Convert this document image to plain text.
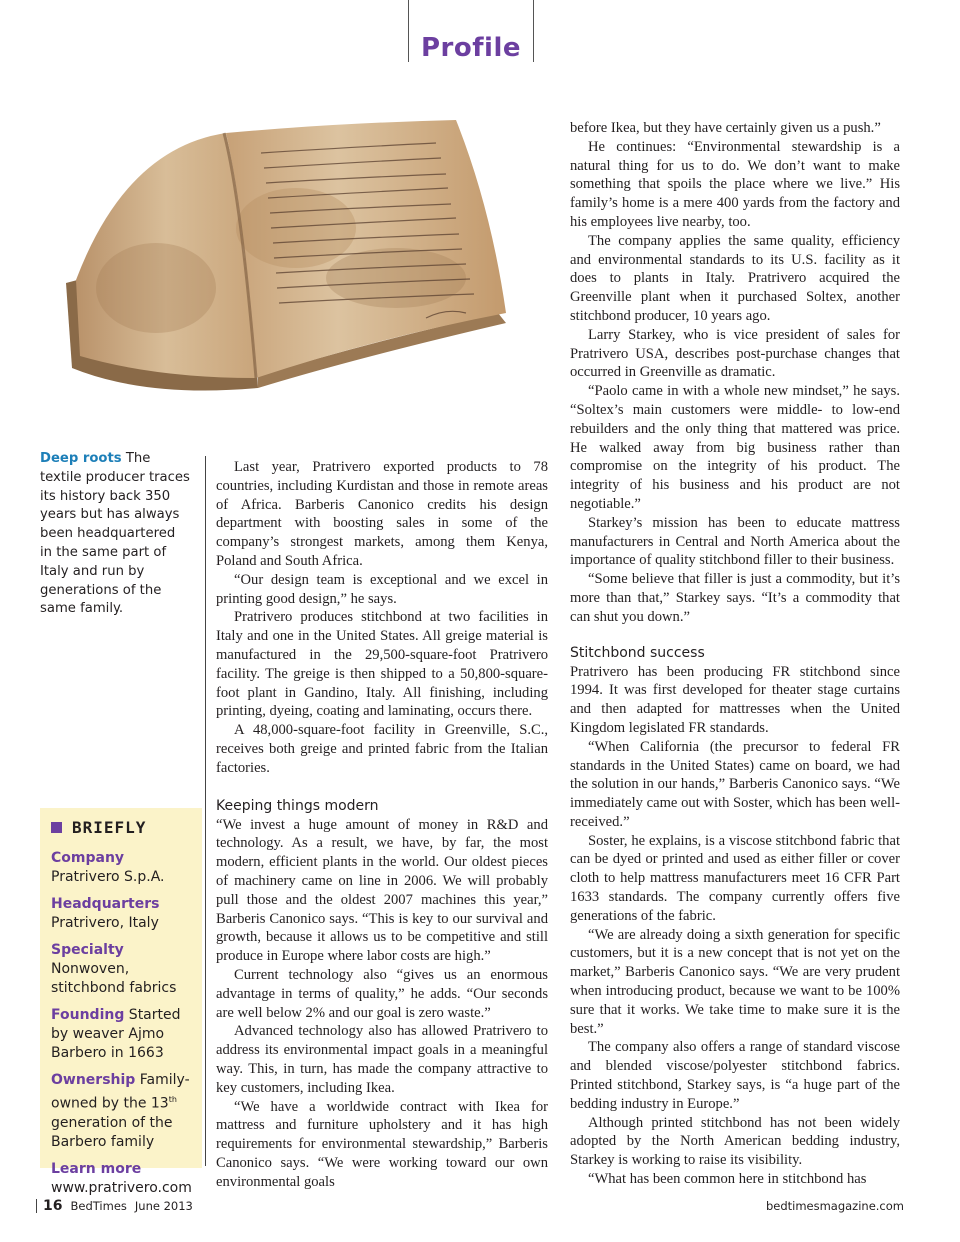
Profile
Deep roots The textile producer traces its history back 350 years but has always been headquartered in the same part of Italy and run by generations of the same family.

Last year, Pratrivero exported products to 78 countries, including Kurdistan and those in remote areas of Africa. Barberis Canonico credits his design department with boosting sales in some of the company’s strongest markets, among them Kenya, Poland and South Africa.

“Our design team is exceptional and we excel in printing good design,” he says.

Pratrivero produces stitchbond at two facilities in Italy and one in the United States. All greige material is manufactured in the 29,500-square-foot Pratrivero facility. The greige is then shipped to a 50,800-square-foot plant in Gandino, Italy. All finishing, including printing, dyeing, coating and laminating, occurs there.

A 48,000-square-foot facility in Greenville, S.C., receives both greige and printed fabric from the Italian factories.

Keeping things modern

“We invest a huge amount of money in R&D and technology. As a result, we have, by far, the most modern, efficient plants in the world. Our oldest pieces of machinery came on line in 2006. We will probably pull those and the oldest 2007 machines this year,” Barberis Canonico says. “This is key to our survival and growth, because it allows us to be competitive and still produce in Europe where labor costs are high.”

Current technology also “gives us an enormous advantage in terms of quality,” he adds. “Our seconds are well below 2% and our goal is zero waste.”

Advanced technology also has allowed Pratrivero to address its environmental impact goals in a meaningful way. This, in turn, has made the company attractive to key customers, including Ikea.

“We have a worldwide contract with Ikea for mattress and furniture upholstery and it has high requirements for environmental stewardship,” Barberis Canonico says. “We were working toward our own environmental goals

before Ikea, but they have certainly given us a push.”

He continues: “Environmental stewardship is a natural thing for us to do. We don’t want to make something that spoils the place where we live.” His family’s home is a mere 400 yards from the factory and his employees live nearby, too.

The company applies the same quality, efficiency and environmental standards to its U.S. facility as it does to plants in Italy. Pratrivero acquired the Greenville plant when it purchased Soltex, another stitchbond producer, 10 years ago.

Larry Starkey, who is vice president of sales for Pratrivero USA, describes post-purchase changes that occurred in Greenville as dramatic.

“Paolo came in with a whole new mindset,” he says. “Soltex’s main customers were middle- to low-end rebuilders and the only thing that mattered was price. He walked away from big business rather than compromise on the integrity of his product. The integrity of his business and his product are not negotiable.”

Starkey’s mission has been to educate mattress manufacturers in Central and North America about the importance of quality stitchbond filler to their business.

“Some believe that filler is just a commodity, but it’s more than that,” Starkey says. “It’s a commodity that can shut you down.”

Stitchbond success

Pratrivero has been producing FR stitchbond since 1994. It was first developed for theater stage curtains and then adapted for mattresses when the United Kingdom legislated FR standards.

“When California (the precursor to federal FR standards in the United States) came on board, we had the solution in our hands,” Barberis Canonico says. “We immediately came out with Soster, which has been well-received.”

Soster, he explains, is a viscose stitchbond fabric that can be dyed or printed and used as either filler or cover cloth to help mattress manufacturers meet 16 CFR Part 1633 standards. The company currently offers five generations of the fabric.

“We are already doing a sixth generation for specific customers, but it is a new concept that is not yet on the market,” Barberis Canonico says. “We are very prudent when introducing product, because we want to be 100% sure that it works. We take time to make sure it is the best.”

The company also offers a range of standard viscose and blended viscose/polyester stitchbond fabrics. Printed stitchbond, Starkey says, is “a huge part of the bedding industry in Europe.”

Although printed stitchbond has not been widely adopted by the North American bedding industry, Starkey is working to raise its visibility.

“What has been common here in stitchbond has

BRIEFLY
Company
Pratrivero S.p.A.
Headquarters
Pratrivero, Italy
Specialty Nonwoven, stitchbond fabrics
Founding Started by weaver Ajmo Barbero in 1663
Ownership Family-owned by the 13th generation of the Barbero family
Learn more
www.pratrivero.com
16 BedTimes June 2013	bedtimesmagazine.com
